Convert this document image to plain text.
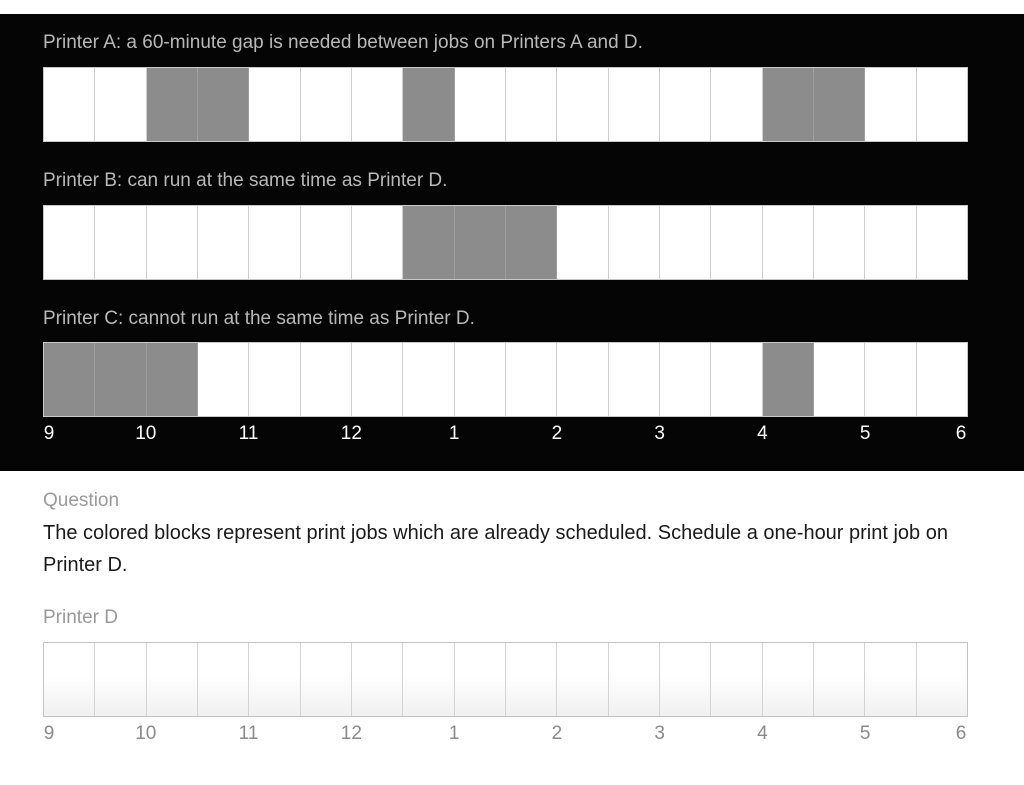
Printer A: a 60-minute gap is needed between jobs on Printers A and D.
Printer B: can run at the same time as Printer D.
Printer C: cannot run at the same time as Printer D.
9	10	11	12	1	2	3	4	5	6
Question
The colored blocks represent print jobs which are already scheduled. Schedule a one-hour print job on Printer D.
Printer D
9	10	11	12	1	2	3	4	5	6
